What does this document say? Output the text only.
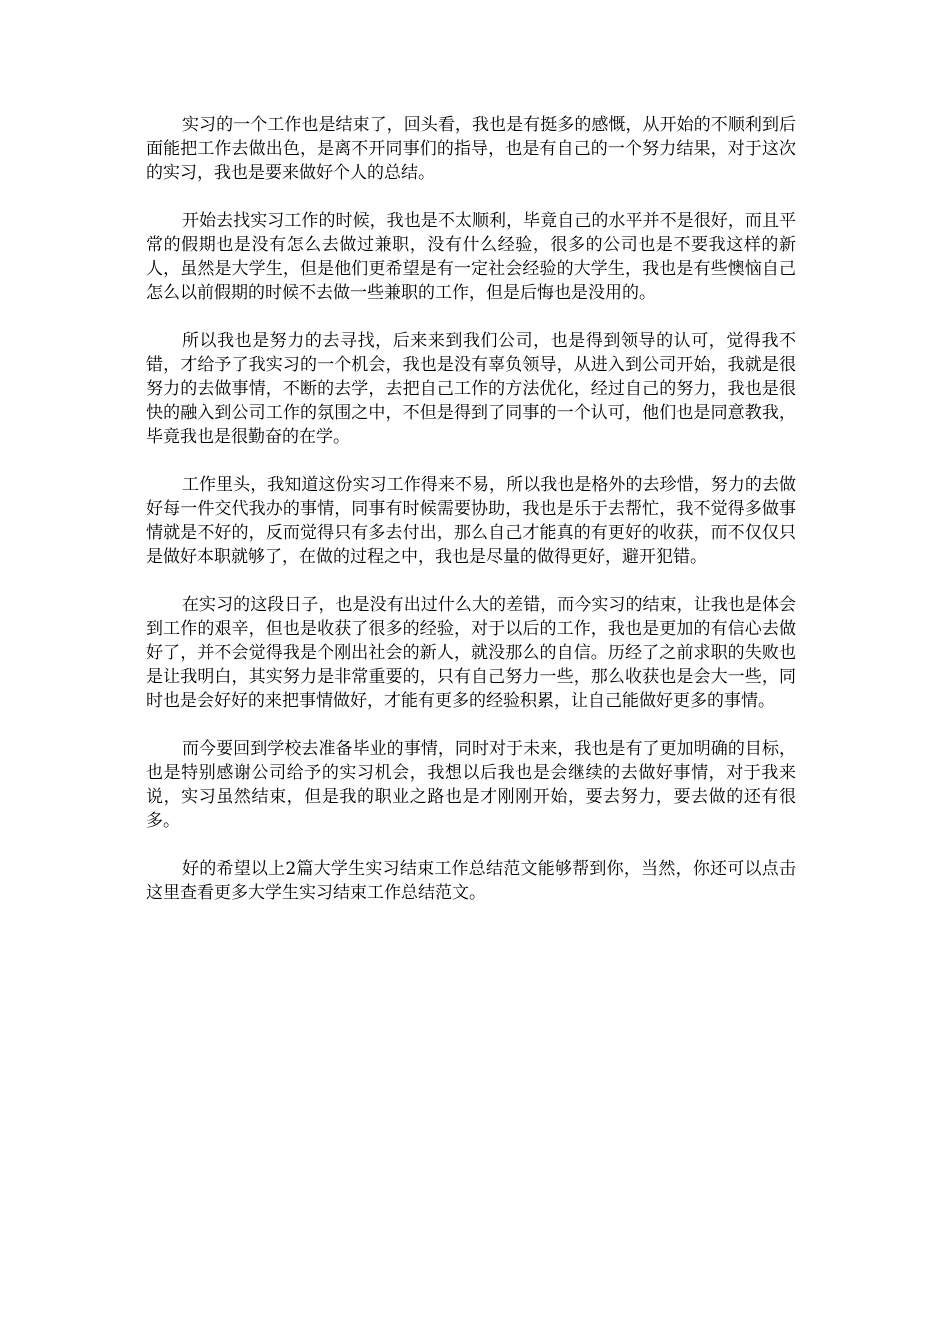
实习的一个工作也是结束了，回头看，我也是有挺多的感慨，从开始的不顺利到后面能把工作去做出色，是离不开同事们的指导，也是有自己的一个努力结果，对于这次的实习，我也是要来做好个人的总结。

开始去找实习工作的时候，我也是不太顺利，毕竟自己的水平并不是很好，而且平常的假期也是没有怎么去做过兼职，没有什么经验，很多的公司也是不要我这样的新人，虽然是大学生，但是他们更希望是有一定社会经验的大学生，我也是有些懊恼自己怎么以前假期的时候不去做一些兼职的工作，但是后悔也是没用的。

所以我也是努力的去寻找，后来来到我们公司，也是得到领导的认可，觉得我不错，才给予了我实习的一个机会，我也是没有辜负领导，从进入到公司开始，我就是很努力的去做事情，不断的去学，去把自己工作的方法优化，经过自己的努力，我也是很快的融入到公司工作的氛围之中，不但是得到了同事的一个认可，他们也是同意教我，毕竟我也是很勤奋的在学。

工作里头，我知道这份实习工作得来不易，所以我也是格外的去珍惜，努力的去做好每一件交代我办的事情，同事有时候需要协助，我也是乐于去帮忙，我不觉得多做事情就是不好的，反而觉得只有多去付出，那么自己才能真的有更好的收获，而不仅仅只是做好本职就够了，在做的过程之中，我也是尽量的做得更好，避开犯错。

在实习的这段日子，也是没有出过什么大的差错，而今实习的结束，让我也是体会到工作的艰辛，但也是收获了很多的经验，对于以后的工作，我也是更加的有信心去做好了，并不会觉得我是个刚出社会的新人，就没那么的自信。历经了之前求职的失败也是让我明白，其实努力是非常重要的，只有自己努力一些，那么收获也是会大一些，同时也是会好好的来把事情做好，才能有更多的经验积累，让自己能做好更多的事情。

而今要回到学校去准备毕业的事情，同时对于未来，我也是有了更加明确的目标，也是特别感谢公司给予的实习机会，我想以后我也是会继续的去做好事情，对于我来说，实习虽然结束，但是我的职业之路也是才刚刚开始，要去努力，要去做的还有很多。

好的希望以上2篇大学生实习结束工作总结范文能够帮到你，当然，你还可以点击这里查看更多大学生实习结束工作总结范文。
